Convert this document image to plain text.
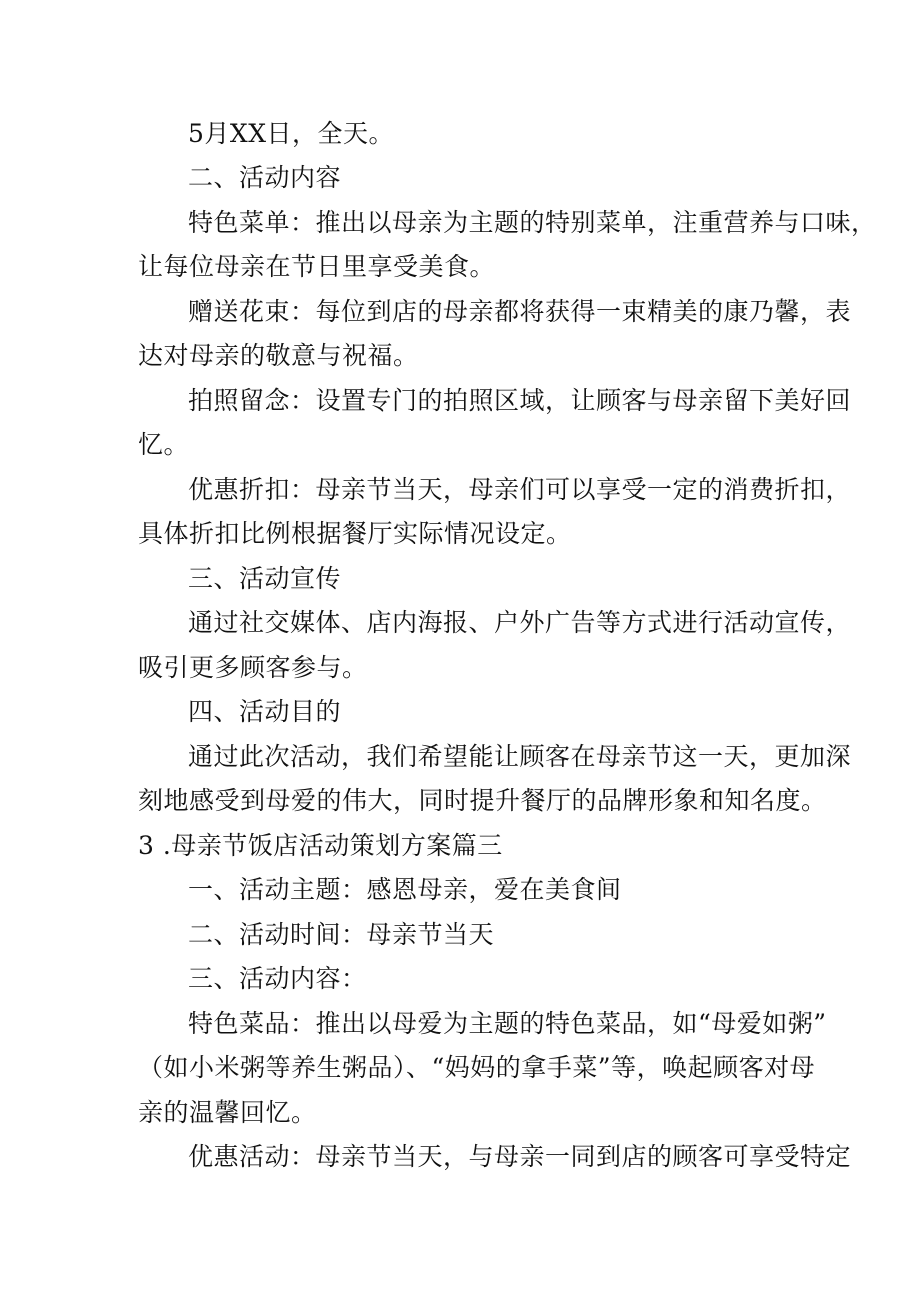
5月XX日，全天。
二、活动内容
特色菜单：推出以母亲为主题的特别菜单，注重营养与口味，
让每位母亲在节日里享受美食。
赠送花束：每位到店的母亲都将获得一束精美的康乃馨，表
达对母亲的敬意与祝福。
拍照留念：设置专门的拍照区域，让顾客与母亲留下美好回
忆。
优惠折扣：母亲节当天，母亲们可以享受一定的消费折扣，
具体折扣比例根据餐厅实际情况设定。
三、活动宣传
通过社交媒体、店内海报、户外广告等方式进行活动宣传，
吸引更多顾客参与。
四、活动目的
通过此次活动，我们希望能让顾客在母亲节这一天，更加深
刻地感受到母爱的伟大，同时提升餐厅的品牌形象和知名度。
3 .母亲节饭店活动策划方案篇三
一、活动主题：感恩母亲，爱在美食间
二、活动时间：母亲节当天
三、活动内容：
特色菜品：推出以母爱为主题的特色菜品，如“母爱如粥”
（如小米粥等养生粥品）、“妈妈的拿手菜”等，唤起顾客对母
亲的温馨回忆。
优惠活动：母亲节当天，与母亲一同到店的顾客可享受特定
